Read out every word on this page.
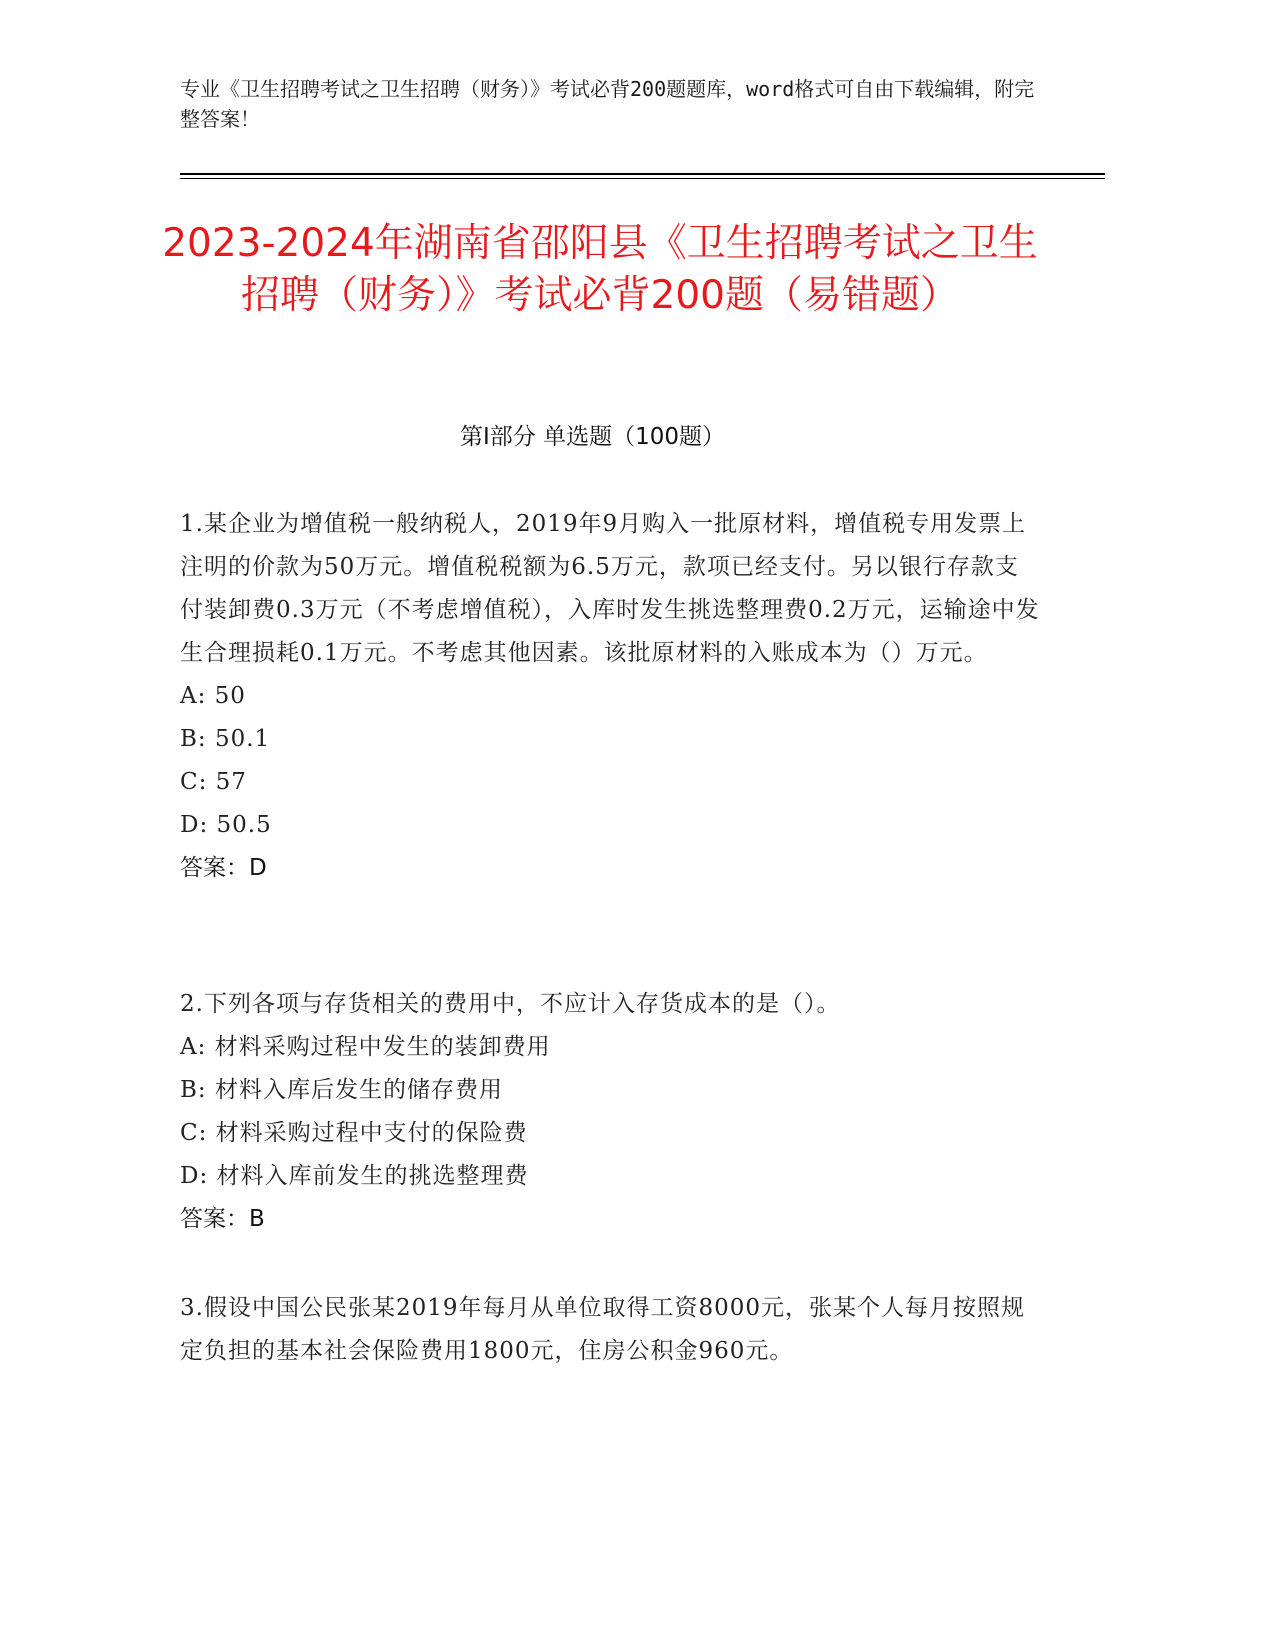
专业《卫生招聘考试之卫生招聘（财务）》考试必背200题题库，word格式可自由下载编辑，附完整答案！
2023-2024年湖南省邵阳县《卫生招聘考试之卫生招聘（财务）》考试必背200题（易错题）
第I部分 单选题（100题）
1.某企业为增值税一般纳税人，2019年9月购入一批原材料，增值税专用发票上注明的价款为50万元。增值税税额为6.5万元，款项已经支付。另以银行存款支付装卸费0.3万元（不考虑增值税），入库时发生挑选整理费0.2万元，运输途中发生合理损耗0.1万元。不考虑其他因素。该批原材料的入账成本为（）万元。
A: 50
B: 50.1
C: 57
D: 50.5
答案：D
2.下列各项与存货相关的费用中，不应计入存货成本的是（）。
A: 材料采购过程中发生的装卸费用
B: 材料入库后发生的储存费用
C: 材料采购过程中支付的保险费
D: 材料入库前发生的挑选整理费
答案：B
3.假设中国公民张某2019年每月从单位取得工资8000元，张某个人每月按照规定负担的基本社会保险费用1800元，住房公积金960元。
